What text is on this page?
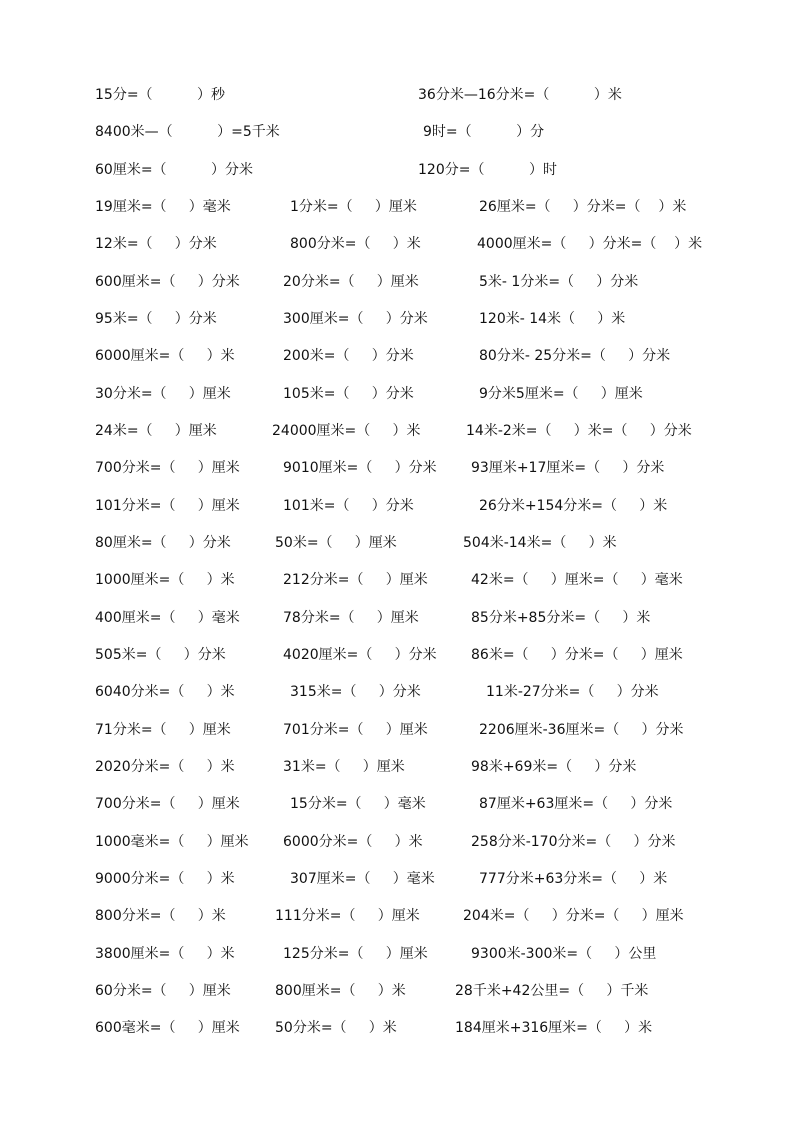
15分=（          ）秒	36分米—16分米=（          ）米
8400米—（          ）=5千米	9时=（          ）分
60厘米=（          ）分米	120分=（          ）时
19厘米=（     ）毫米	1分米=（     ）厘米	26厘米=（     ）分米=（    ）米
12米=（     ）分米	800分米=（     ）米	4000厘米=（     ）分米=（    ）米
600厘米=（     ）分米	20分米=（     ）厘米	5米- 1分米=（     ）分米
95米=（     ）分米	300厘米=（     ）分米	120米- 14米（     ）米
6000厘米=（     ）米	200米=（     ）分米	80分米- 25分米=（     ）分米
30分米=（     ）厘米	105米=（     ）分米	9分米5厘米=（     ）厘米
24米=（     ）厘米	24000厘米=（     ）米	14米-2米=（     ）米=（     ）分米
700分米=（     ）厘米	9010厘米=（     ）分米 93厘米+17厘米=（     ）分米
101分米=（     ）厘米	101米=（     ）分米	26分米+154分米=（     ）米
80厘米=（     ）分米	50米=（     ）厘米	504米-14米=（     ）米
1000厘米=（     ）米	212分米=（     ）厘米	42米=（     ）厘米=（     ）毫米
400厘米=（     ）毫米	78分米=（     ）厘米	85分米+85分米=（     ）米
505米=（     ）分米	4020厘米=（     ）分米 86米=（     ）分米=（     ）厘米
6040分米=（     ）米	315米=（     ）分米	11米-27分米=（     ）分米
71分米=（     ）厘米	701分米=（     ）厘米	2206厘米-36厘米=（     ）分米
2020分米=（     ）米	31米=（     ）厘米	98米+69米=（     ）分米
700分米=（     ）厘米	15分米=（     ）毫米	87厘米+63厘米=（     ）分米
1000毫米=（     ）厘米 6000分米=（     ）米	258分米-170分米=（     ）分米
9000分米=（     ）米	307厘米=（     ）毫米	777分米+63分米=（     ）米
800分米=（     ）米	111分米=（     ）厘米	204米=（     ）分米=（     ）厘米
3800厘米=（     ）米	125分米=（     ）厘米	9300米-300米=（     ）公里
60分米=（     ）厘米	800厘米=（     ）米	28千米+42公里=（     ）千米
600毫米=（     ）厘米	50分米=（     ）米	184厘米+316厘米=（     ）米
